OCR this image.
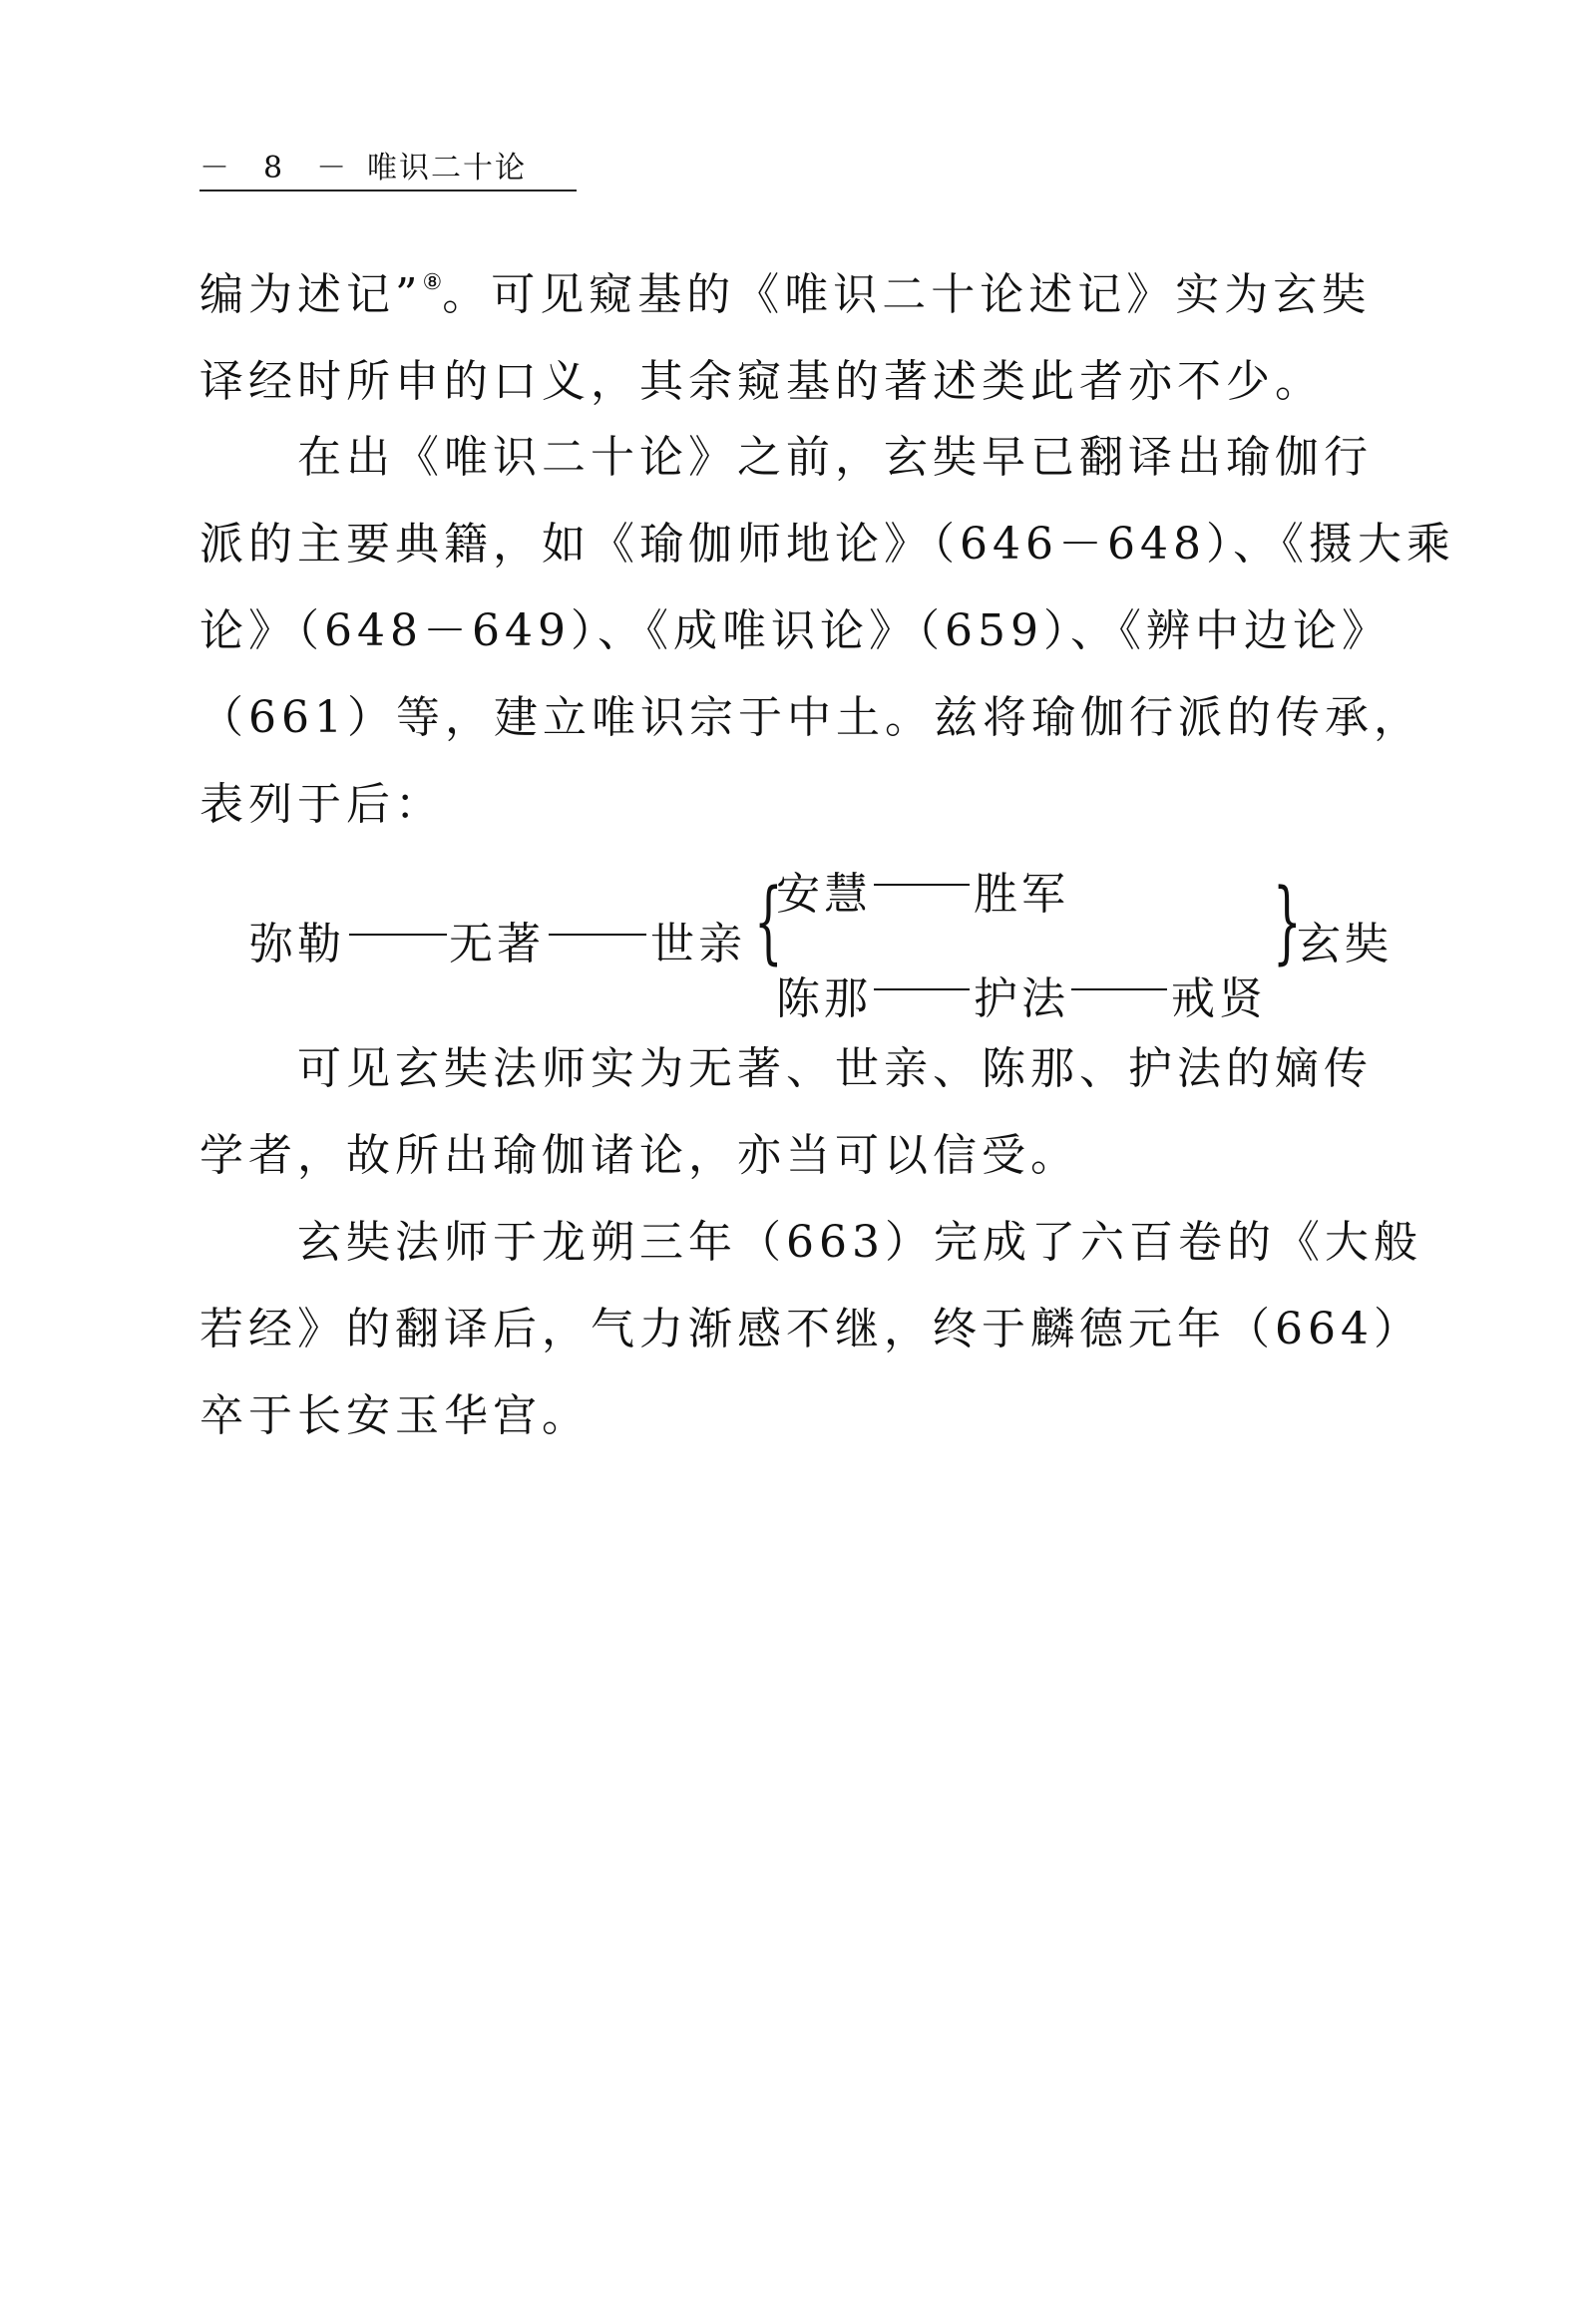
－　8　－ 唯识二十论
编为述记”⑧。可见窥基的《唯识二十论述记》实为玄奘
译经时所申的口义，其余窥基的著述类此者亦不少。
在出《唯识二十论》之前，玄奘早已翻译出瑜伽行
派的主要典籍，如《瑜伽师地论》（646－648）、《摄大乘
论》（648－649）、《成唯识论》（659）、《辨中边论》
（661）等，建立唯识宗于中土。兹将瑜伽行派的传承，
表列于后：
弥勒 无著 世亲 {
安慧 胜军
陈那 护法 戒贤
}
玄奘
可见玄奘法师实为无著、世亲、陈那、护法的嫡传
学者，故所出瑜伽诸论，亦当可以信受。
玄奘法师于龙朔三年（663）完成了六百卷的《大般
若经》的翻译后，气力渐感不继，终于麟德元年（664）
卒于长安玉华宫。
